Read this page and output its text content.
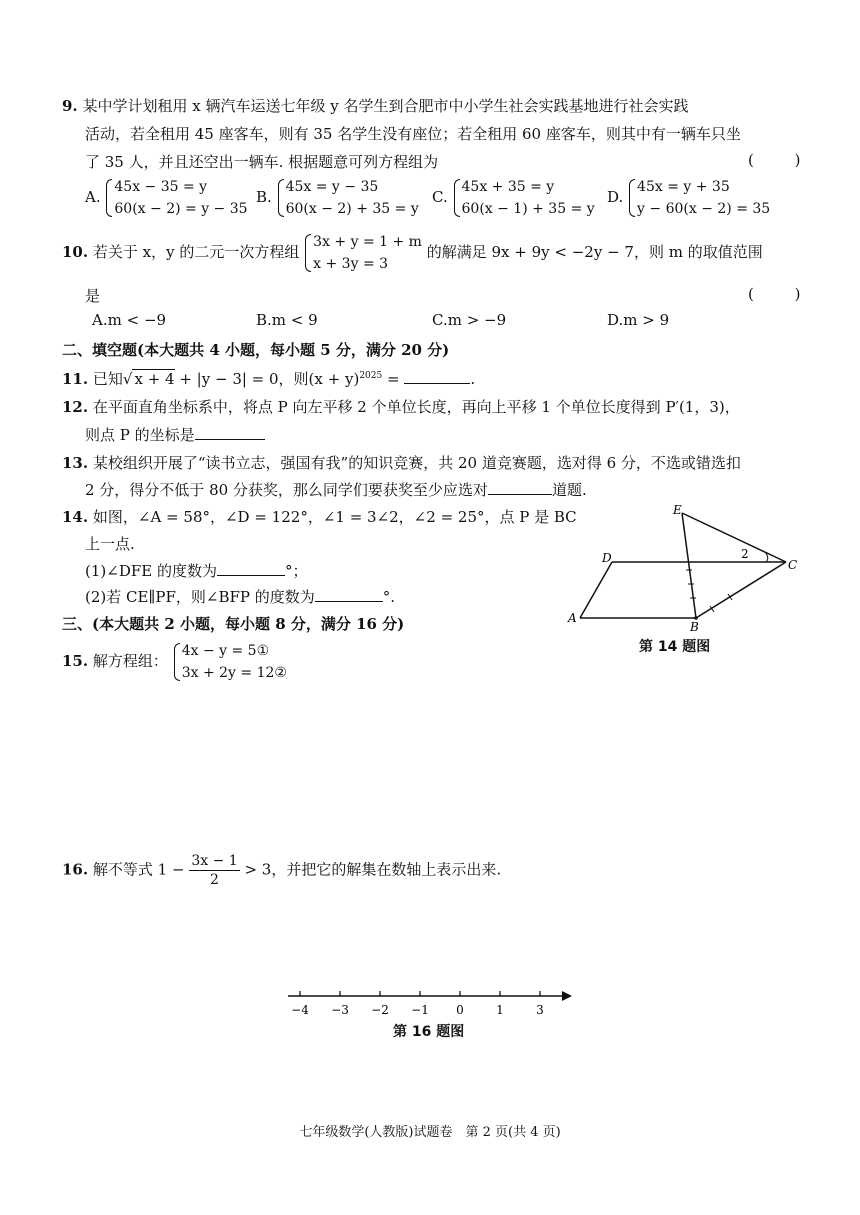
9. 某中学计划租用 x 辆汽车运送七年级 y 名学生到合肥市中小学生社会实践基地进行社会实践
活动，若全租用 45 座客车，则有 35 名学生没有座位；若全租用 60 座客车，则其中有一辆车只坐
了 35 人，并且还空出一辆车. 根据题意可列方程组为	( )
A.
45x − 35 = y
60(x − 2) = y − 35
B.
45x = y − 35
60(x − 2) + 35 = y
C.
45x + 35 = y
60(x − 1) + 35 = y
D.
45x = y + 35
y − 60(x − 2) = 35
10. 若关于 x，y 的二元一次方程组
3x + y = 1 + m
x + 3y = 3
的解满足 9x + 9y < −2y − 7，则 m 的取值范围
是	( )
A.m < −9	B.m < 9	C.m > −9	D.m > 9
二、填空题(本大题共 4 小题，每小题 5 分，满分 20 分)
11. 已知√ x + 4 + |y − 3| = 0，则$(x + y)^{2025}$ =	.
12. 在平面直角坐标系中，将点 P 向左平移 2 个单位长度，再向上平移 1 个单位长度得到 P′(1，3)，
则点 P 的坐标是
13. 某校组织开展了“读书立志，强国有我”的知识竞赛，共 20 道竞赛题，选对得 6 分，不选或错选扣
2 分，得分不低于 80 分获奖，那么同学们要获奖至少应选对	道题.
14. 如图，∠A = 58°，∠D = 122°，∠1 = 3∠2，∠2 = 25°，点 P 是 BC
上一点.
(1)∠DFE 的度数为	°；
(2)若 CE∥PF，则∠BFP 的度数为	°.
E
D	C
A
B
2
第 14 题图
三、(本大题共 2 小题，每小题 8 分，满分 16 分)
15. 解方程组：
4x − y = 5①
3x + 2y = 12②
16. 解不等式 $1 - \frac{3x - 1}{2} > 3$，并把它的解集在数轴上表示出来.
−4 −3 −2 −1 0	1	3
第 16 题图
七年级数学(人教版)试题卷　第 2 页(共 4 页)
